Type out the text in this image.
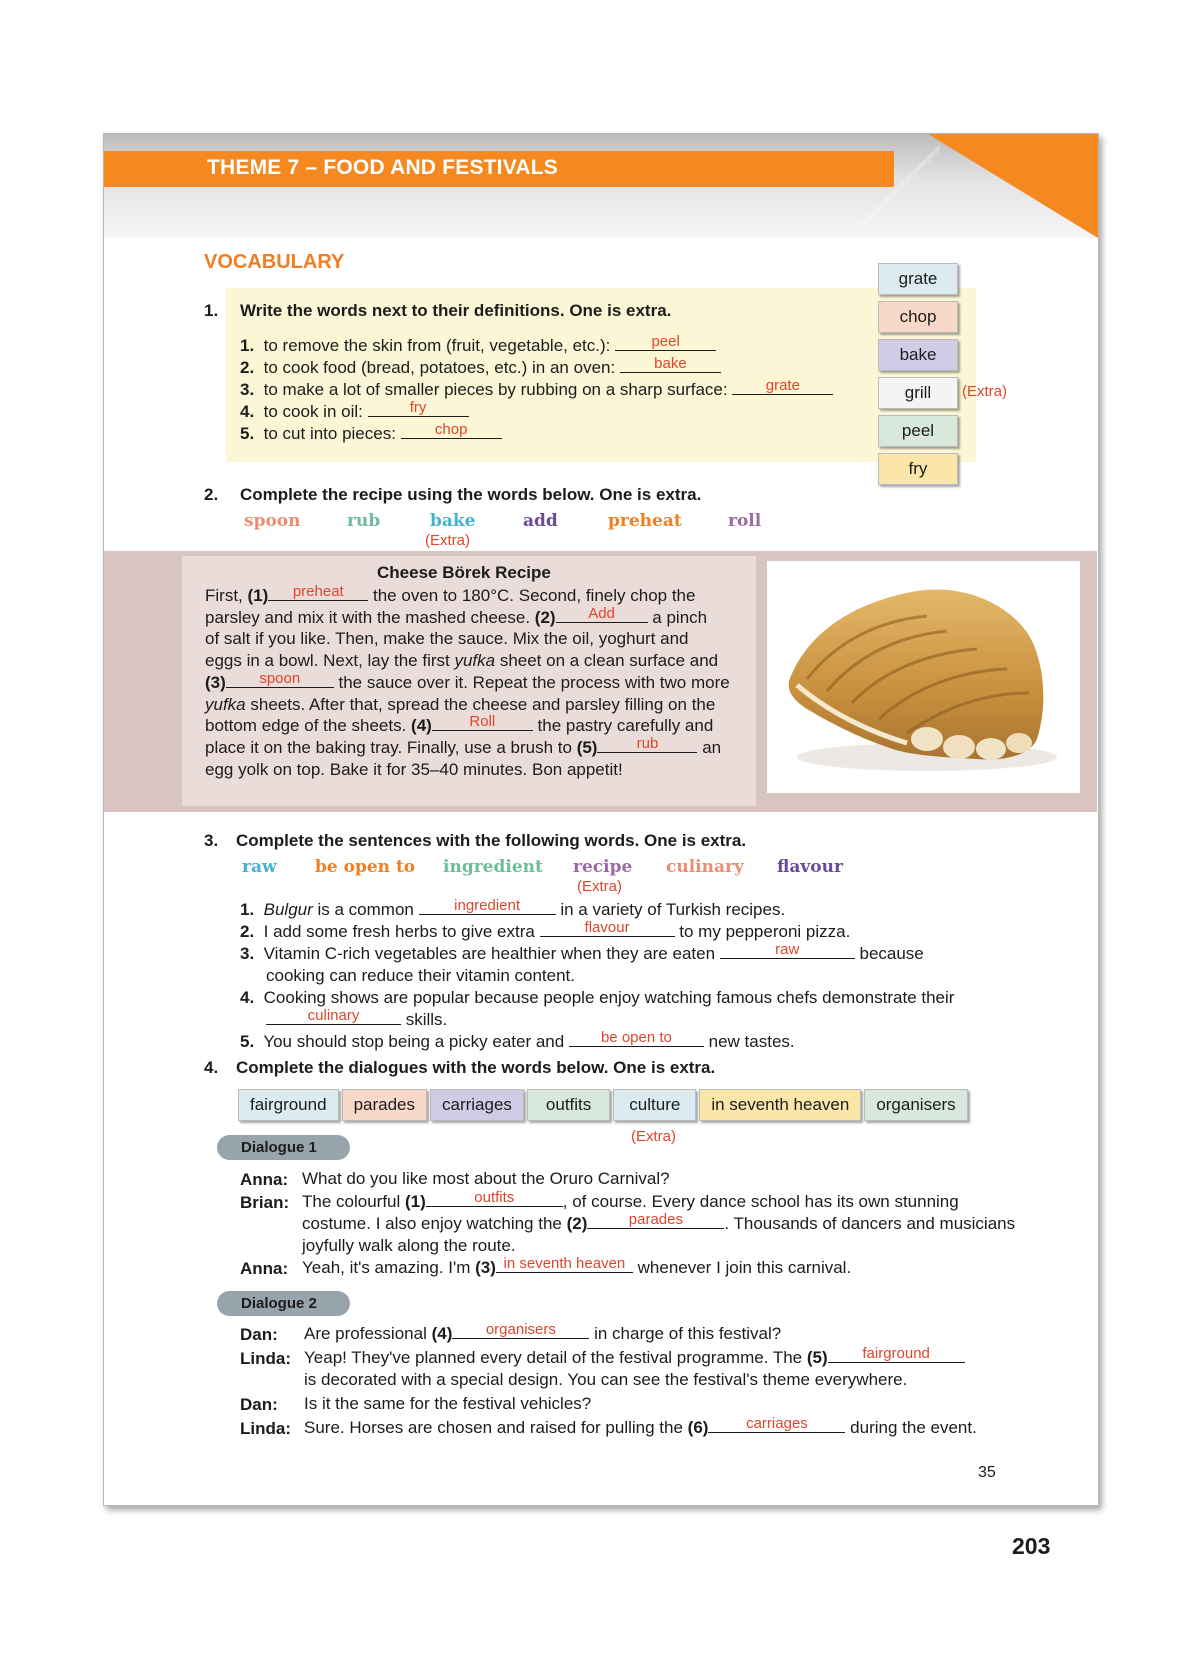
THEME 7 – FOOD AND FESTIVALS
VOCABULARY
1. Write the words next to their definitions. One is extra.
1. to remove the skin from (fruit, vegetable, etc.):	peel
2. to cook food (bread, potatoes, etc.) in an oven:	bake
3. to make a lot of smaller pieces by rubbing on a sharp surface:	grate
4. to cook in oil:	fry
5. to cut into pieces:	chop
grate
chop
bake
grill	(Extra)
peel
fry
2. Complete the recipe using the words below. One is extra.
spoon	rub	bake
(Extra)
add	preheat	roll
Cheese Börek Recipe
First, (1)	preheat	the oven to 180°C. Second, finely chop the
parsley and mix it with the mashed cheese. (2)	Add	a pinch
of salt if you like. Then, make the sauce. Mix the oil, yoghurt and
eggs in a bowl. Next, lay the first yufka sheet on a clean surface and
(3)	spoon	the sauce over it. Repeat the process with two more
yufka sheets. After that, spread the cheese and parsley filling on the
bottom edge of the sheets. (4)	Roll	the pastry carefully and
place it on the baking tray. Finally, use a brush to (5)	rub	an
egg yolk on top. Bake it for 35–40 minutes. Bon appetit!
3. Complete the sentences with the following words. One is extra.
raw be open to ingredient recipe
(Extra)
culinary flavour
1. Bulgur is a common	ingredient	in a variety of Turkish recipes.
2. I add some fresh herbs to give extra	flavour	to my pepperoni pizza.
3. Vitamin C-rich vegetables are healthier when they are eaten	raw	because
cooking can reduce their vitamin content.
4. Cooking shows are popular because people enjoy watching famous chefs demonstrate their
culinary	skills.
5. You should stop being a picky eater and	be open to	new tastes.
4. Complete the dialogues with the words below. One is extra.
fairground parades carriages outfits culture in seventh heaven organisers
(Extra)
Dialogue 1
Anna: What do you like most about the Oruro Carnival?
Brian: The colourful (1)	outfits	, of course. Every dance school has its own stunning
costume. I also enjoy watching the (2)	parades	. Thousands of dancers and musicians
joyfully walk along the route.
Anna: Yeah, it's amazing. I'm (3) in seventh heaven whenever I join this carnival.
Dialogue 2
Dan: Are professional (4)	organisers	in charge of this festival?
Linda: Yeap! They've planned every detail of the festival programme. The (5)	fairground
is decorated with a special design. You can see the festival's theme everywhere.
Dan: Is it the same for the festival vehicles?
Linda: Sure. Horses are chosen and raised for pulling the (6)	carriages	during the event.
35
203
